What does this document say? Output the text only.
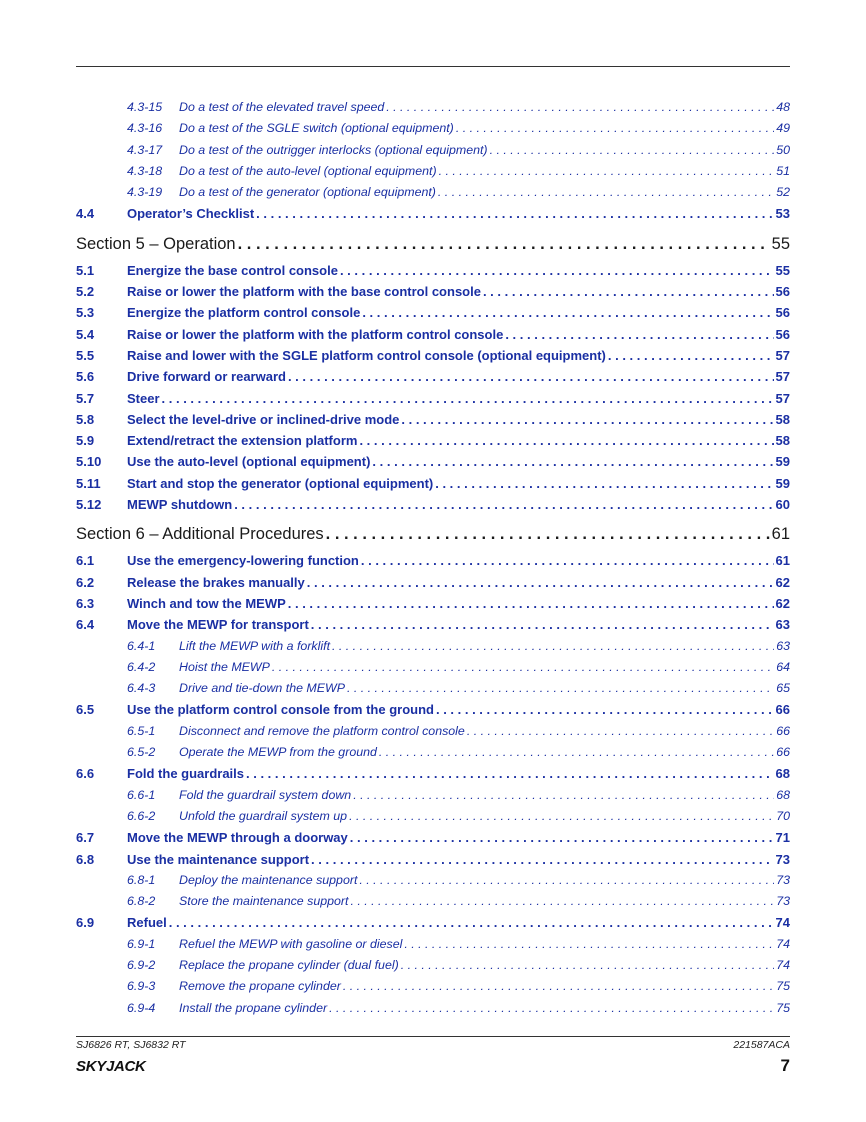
4.3-15	Do a test of the elevated travel speed . . .	48
4.3-16	Do a test of the SGLE switch (optional equipment) . . .	49
4.3-17	Do a test of the outrigger interlocks (optional equipment) . . .	50
4.3-18	Do a test of the auto-level (optional equipment) . . .	51
4.3-19	Do a test of the generator (optional equipment) . . .	52
4.4	Operator’s Checklist . . .	53
Section 5 – Operation . . .	55
5.1	Energize the base control console . . .	55
5.2	Raise or lower the platform with the base control console . . .	56
5.3	Energize the platform control console . . .	56
5.4	Raise or lower the platform with the platform control console . . .	56
5.5	Raise and lower with the SGLE platform control console (optional equipment) . . .	57
5.6	Drive forward or rearward . . .	57
5.7	Steer . . .	57
5.8	Select the level-drive or inclined-drive mode . . .	58
5.9	Extend/retract the extension platform . . .	58
5.10	Use the auto-level (optional equipment) . . .	59
5.11	Start and stop the generator (optional equipment) . . .	59
5.12	MEWP shutdown . . .	60
Section 6 – Additional Procedures . . .	61
6.1	Use the emergency-lowering function . . .	61
6.2	Release the brakes manually . . .	62
6.3	Winch and tow the MEWP . . .	62
6.4	Move the MEWP for transport . . .	63
6.4-1	Lift the MEWP with a forklift . . .	63
6.4-2	Hoist the MEWP . . .	64
6.4-3	Drive and tie-down the MEWP . . .	65
6.5	Use the platform control console from the ground . . .	66
6.5-1	Disconnect and remove the platform control console . . .	66
6.5-2	Operate the MEWP from the ground . . .	66
6.6	Fold the guardrails . . .	68
6.6-1	Fold the guardrail system down . . .	68
6.6-2	Unfold the guardrail system up . . .	70
6.7	Move the MEWP through a doorway . . .	71
6.8	Use the maintenance support . . .	73
6.8-1	Deploy the maintenance support . . .	73
6.8-2	Store the maintenance support . . .	73
6.9	Refuel . . .	74
6.9-1	Refuel the MEWP with gasoline or diesel . . .	74
6.9-2	Replace the propane cylinder (dual fuel) . . .	74
6.9-3	Remove the propane cylinder . . .	75
6.9-4	Install the propane cylinder . . .	75
SJ6826 RT, SJ6832 RT	221587ACA
SKYJACK	7
